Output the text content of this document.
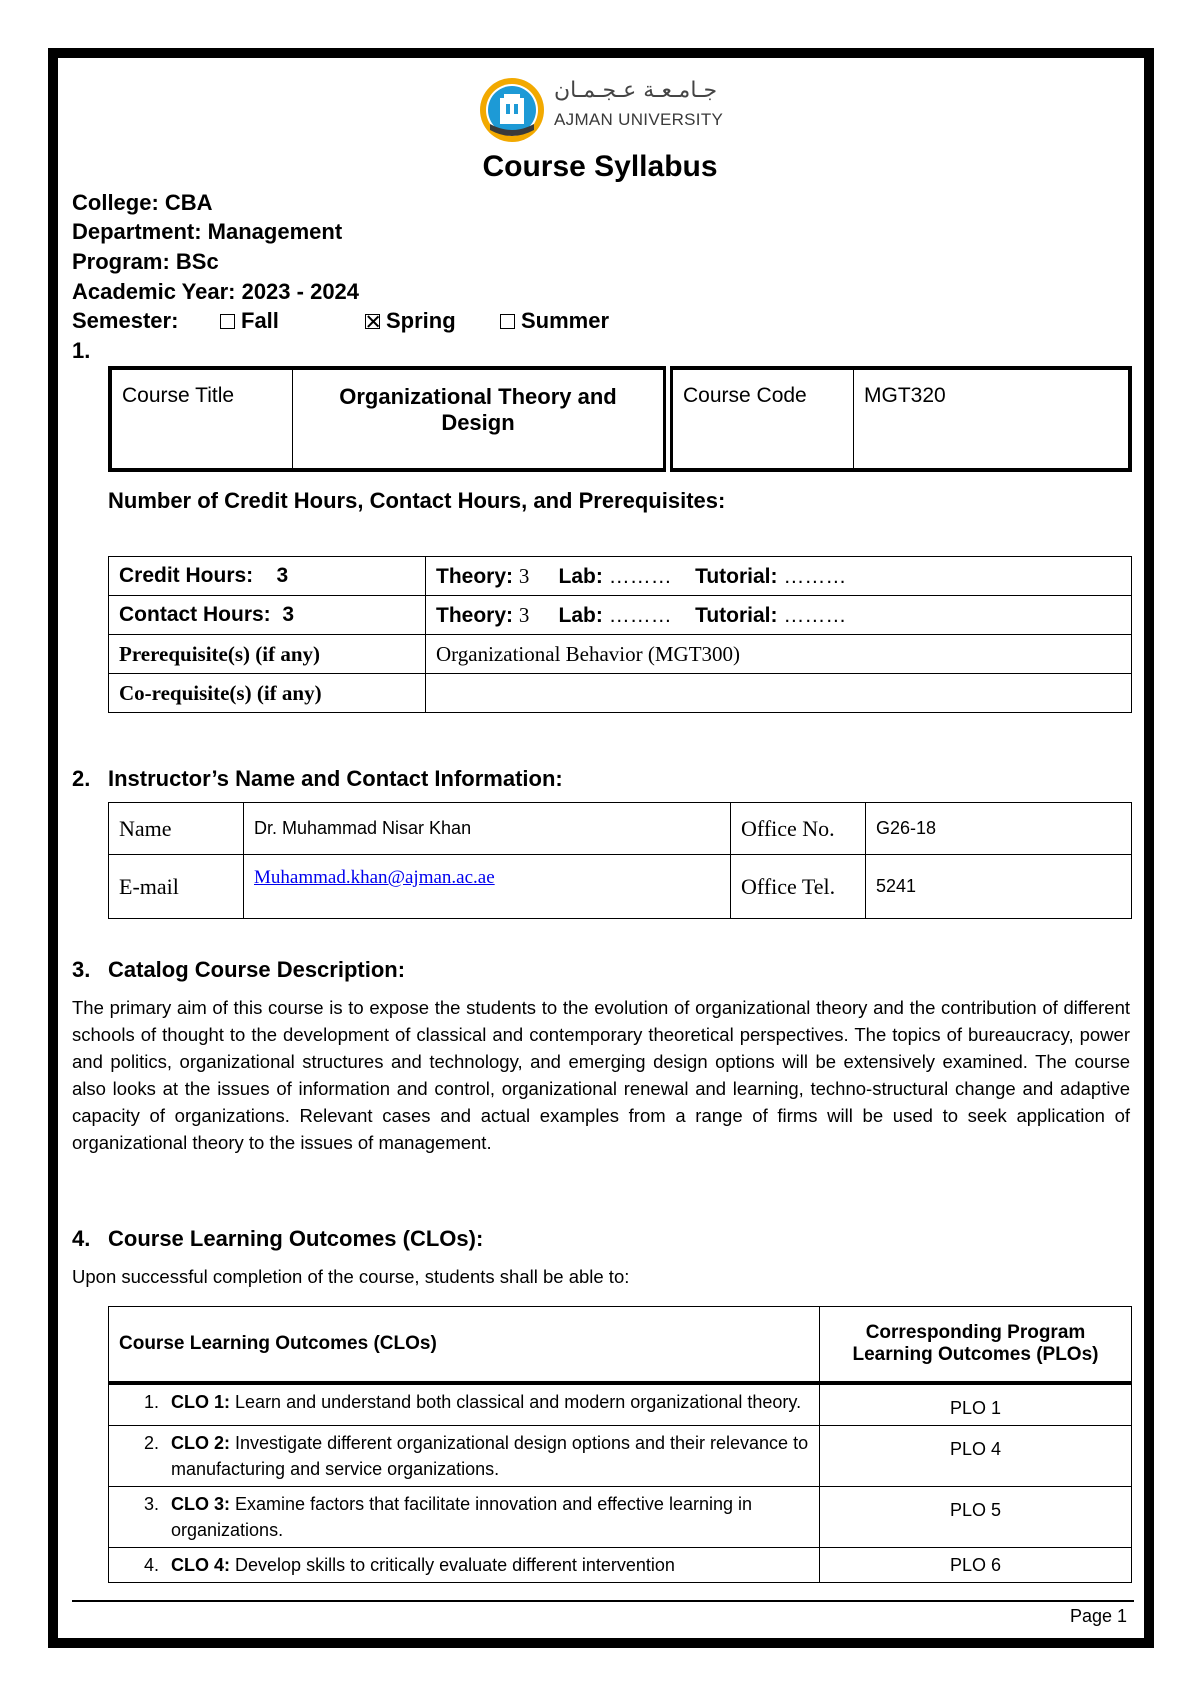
جـامـعـة عـجـمـان
AJMAN UNIVERSITY
Course Syllabus
College: CBA
Department: Management
Program: BSc
Academic Year: 2023 - 2024
Semester:	Fall	Spring	Summer
1.
Course Title	Organizational Theory and Design	Course Code	MGT320
Number of Credit Hours, Contact Hours, and Prerequisites:
Credit Hours: 3	Theory: 3 Lab: ……… Tutorial: ………
Contact Hours: 3	Theory: 3 Lab: ……… Tutorial: ………
Prerequisite(s) (if any)	Organizational Behavior (MGT300)
Co-requisite(s) (if any)	
2. Instructor’s Name and Contact Information:
Name	Dr. Muhammad Nisar Khan	Office No.	G26-18
E-mail	Muhammad.khan@ajman.ac.ae	Office Tel.	5241
3. Catalog Course Description:
The primary aim of this course is to expose the students to the evolution of organizational theory and the contribution of different schools of thought to the development of classical and contemporary theoretical perspectives. The topics of bureaucracy, power and politics, organizational structures and technology, and emerging design options will be extensively examined. The course also looks at the issues of information and control, organizational renewal and learning, techno-structural change and adaptive capacity of organizations. Relevant cases and actual examples from a range of firms will be used to seek application of organizational theory to the issues of management.
4. Course Learning Outcomes (CLOs):
Upon successful completion of the course, students shall be able to:
Course Learning Outcomes (CLOs)	Corresponding Program Learning Outcomes (PLOs)

1. CLO 1: Learn and understand both classical and modern organizational theory.	PLO 1

2. CLO 2: Investigate different organizational design options and their relevance to manufacturing and service organizations.	PLO 4

3. CLO 3: Examine factors that facilitate innovation and effective learning in organizations.	PLO 5

4. CLO 4: Develop skills to critically evaluate different intervention	PLO 6
Page 1
